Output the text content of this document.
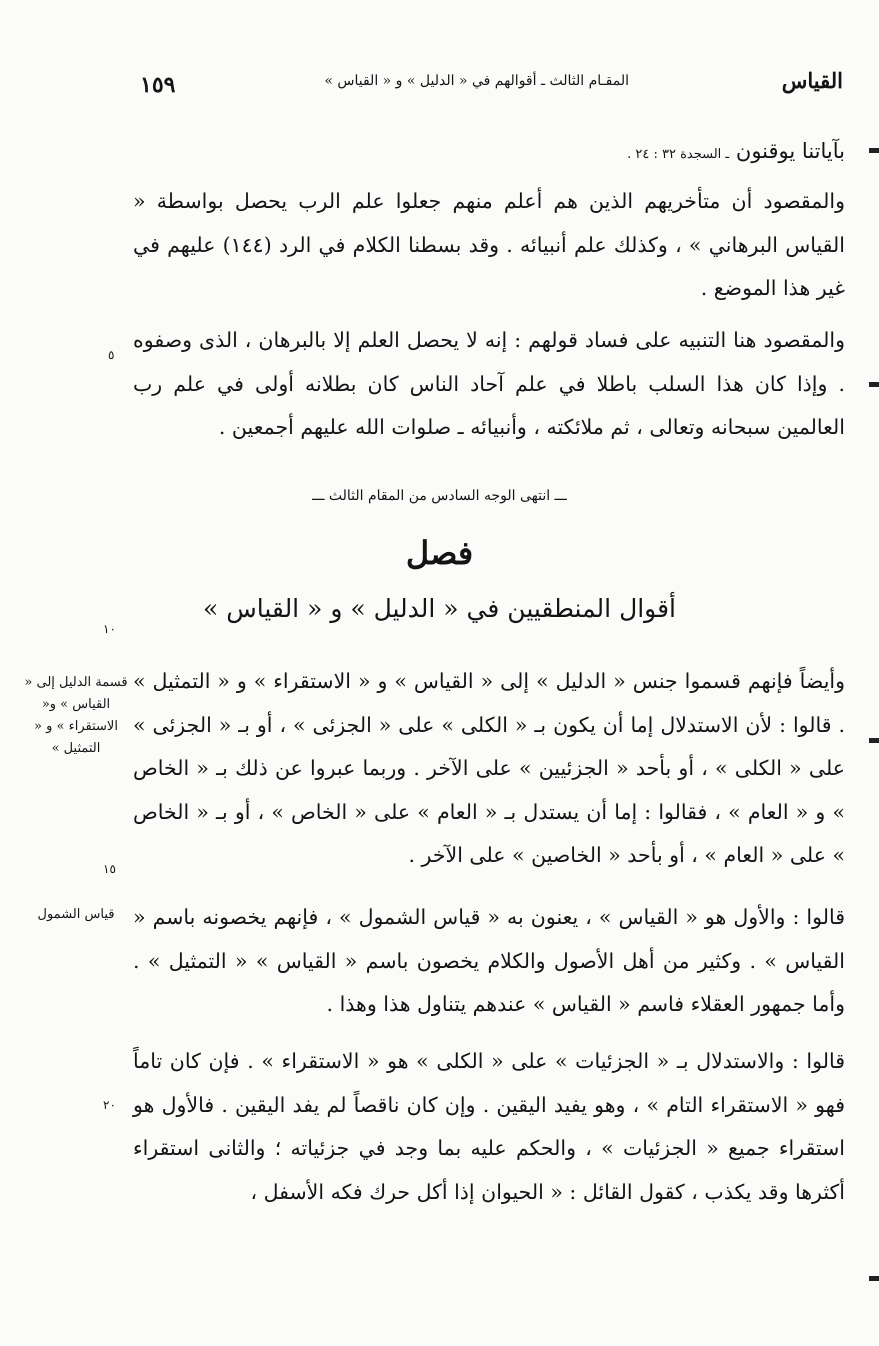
القياس
المقـام الثالث ـ أقوالهم في « الدليل » و « القياس »
١٥٩
بآياتنا يوقنون ـ السجدة ٣٢ : ٢٤ .
والمقصود أن متأخريهم الذين هم أعلم منهم جعلوا علم الرب يحصل بواسطة « القياس البرهاني » ، وكذلك علم أنبيائه . وقد بسطنا الكلام في الرد (١٤٤) عليهم في غير هذا الموضع .
والمقصود هنا التنبيه على فساد قولهم : إنه لا يحصل العلم إلا بالبرهان ، الذى وصفوه . وإذا كان هذا السلب باطلا في علم آحاد الناس كان بطلانه أولى في علم رب العالمين سبحانه وتعالى ، ثم ملائكته ، وأنبيائه ـ صلوات الله عليهم أجمعين .
ـــ انتهى الوجه السادس من المقام الثالث ـــ
فصل
أقوال المنطقيين في « الدليل » و « القياس »
وأيضاً فإنهم قسموا جنس « الدليل » إلى « القياس » و « الاستقراء » و « التمثيل » . قالوا : لأن الاستدلال إما أن يكون بـ « الكلى » على « الجزئى » ، أو بـ « الجزئى » على « الكلى » ، أو بأحد « الجزئيين » على الآخر . وربما عبروا عن ذلك بـ « الخاص » و « العام » ، فقالوا : إما أن يستدل بـ « العام » على « الخاص » ، أو بـ « الخاص » على « العام » ، أو بأحد « الخاصين » على الآخر .
قالوا : والأول هو « القياس » ، يعنون به « قياس الشمول » ، فإنهم يخصونه باسم « القياس » . وكثير من أهل الأصول والكلام يخصون باسم « القياس » « التمثيل » . وأما جمهور العقلاء فاسم « القياس » عندهم يتناول هذا وهذا .
قالوا : والاستدلال بـ « الجزئيات » على « الكلى » هو « الاستقراء » . فإن كان تاماً فهو « الاستقراء التام » ، وهو يفيد اليقين . وإن كان ناقصاً لم يفد اليقين . فالأول هو استقراء جميع « الجزئيات » ، والحكم عليه بما وجد في جزئياته ؛ والثانى استقراء أكثرها وقد يكذب ، كقول القائل : « الحيوان إذا أكل حرك فكه الأسفل ،
٥
١٠
١٥
٢٠
قسمة الدليل إلى « القياس » و« الاستقراء » و « التمثيل »
قياس الشمول
